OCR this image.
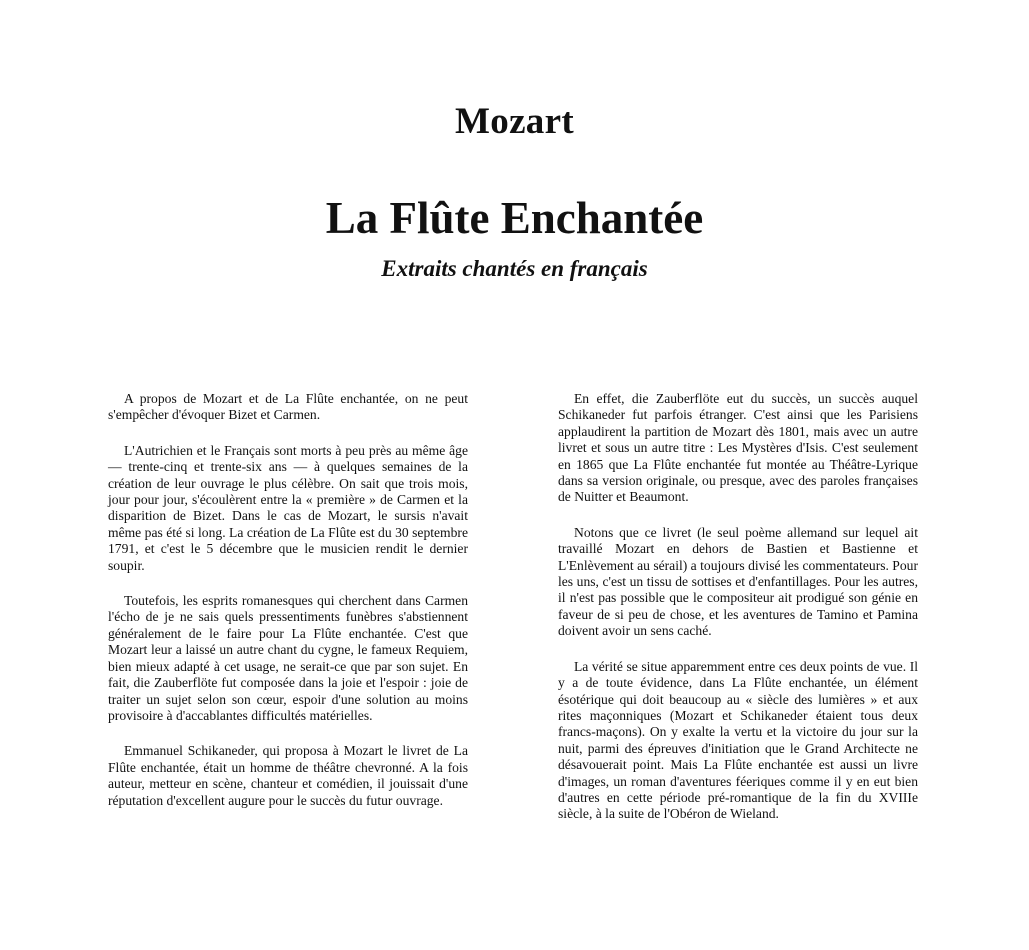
Mozart
La Flûte Enchantée
Extraits chantés en français

A propos de Mozart et de La Flûte enchantée, on ne peut s'empêcher d'évoquer Bizet et Carmen.

L'Autrichien et le Français sont morts à peu près au même âge — trente-cinq et trente-six ans — à quelques semaines de la création de leur ouvrage le plus célèbre. On sait que trois mois, jour pour jour, s'écoulèrent entre la « première » de Carmen et la disparition de Bizet. Dans le cas de Mozart, le sursis n'avait même pas été si long. La création de La Flûte est du 30 septembre 1791, et c'est le 5 décembre que le musicien rendit le dernier soupir.

Toutefois, les esprits romanesques qui cherchent dans Carmen l'écho de je ne sais quels pressentiments funèbres s'abstiennent généralement de le faire pour La Flûte enchantée. C'est que Mozart leur a laissé un autre chant du cygne, le fameux Requiem, bien mieux adapté à cet usage, ne serait-ce que par son sujet. En fait, die Zauberflöte fut composée dans la joie et l'espoir : joie de traiter un sujet selon son cœur, espoir d'une solution au moins provisoire à d'accablantes difficultés matérielles.

Emmanuel Schikaneder, qui proposa à Mozart le livret de La Flûte enchantée, était un homme de théâtre chevronné. A la fois auteur, metteur en scène, chanteur et comédien, il jouissait d'une réputation d'excellent augure pour le succès du futur ouvrage.

En effet, die Zauberflöte eut du succès, un succès auquel Schikaneder fut parfois étranger. C'est ainsi que les Parisiens applaudirent la partition de Mozart dès 1801, mais avec un autre livret et sous un autre titre : Les Mystères d'Isis. C'est seulement en 1865 que La Flûte enchantée fut montée au Théâtre-Lyrique dans sa version originale, ou presque, avec des paroles françaises de Nuitter et Beaumont.

Notons que ce livret (le seul poème allemand sur lequel ait travaillé Mozart en dehors de Bastien et Bastienne et L'Enlèvement au sérail) a toujours divisé les commentateurs. Pour les uns, c'est un tissu de sottises et d'enfantillages. Pour les autres, il n'est pas possible que le compositeur ait prodigué son génie en faveur de si peu de chose, et les aventures de Tamino et Pamina doivent avoir un sens caché.

La vérité se situe apparemment entre ces deux points de vue. Il y a de toute évidence, dans La Flûte enchantée, un élément ésotérique qui doit beaucoup au « siècle des lumières » et aux rites maçonniques (Mozart et Schikaneder étaient tous deux francs-maçons). On y exalte la vertu et la victoire du jour sur la nuit, parmi des épreuves d'initiation que le Grand Architecte ne désavouerait point. Mais La Flûte enchantée est aussi un livre d'images, un roman d'aventures féeriques comme il y en eut bien d'autres en cette période pré-romantique de la fin du XVIIIe siècle, à la suite de l'Obéron de Wieland.
